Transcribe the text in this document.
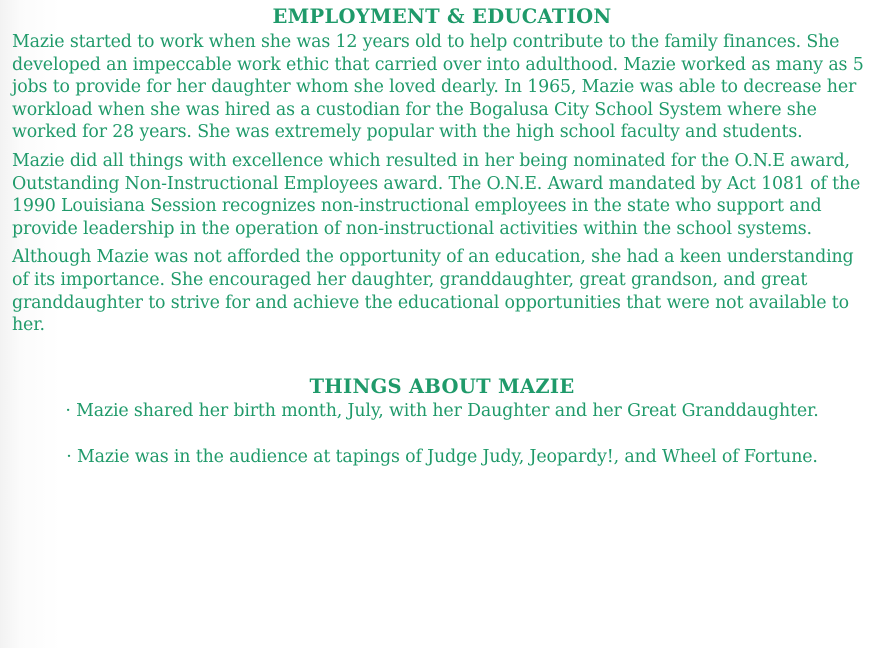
EMPLOYMENT & EDUCATION

Mazie started to work when she was 12 years old to help contribute to the family finances. She developed an impeccable work ethic that carried over into adulthood. Mazie worked as many as 5 jobs to provide for her daughter whom she loved dearly. In 1965, Mazie was able to decrease her workload when she was hired as a custodian for the Bogalusa City School System where she worked for 28 years. She was extremely popular with the high school faculty and students.

Mazie did all things with excellence which resulted in her being nominated for the O.N.E award, Outstanding Non-Instructional Employees award. The O.N.E. Award mandated by Act 1081 of the 1990 Louisiana Session recognizes non-instructional employees in the state who support and provide leadership in the operation of non-instructional activities within the school systems.

Although Mazie was not afforded the opportunity of an education, she had a keen understanding of its importance. She encouraged her daughter, granddaughter, great grandson, and great granddaughter to strive for and achieve the educational opportunities that were not available to her.

THINGS ABOUT MAZIE
· Mazie shared her birth month, July, with her Daughter and her Great Granddaughter.
· Mazie was in the audience at tapings of Judge Judy, Jeopardy!, and Wheel of Fortune.
